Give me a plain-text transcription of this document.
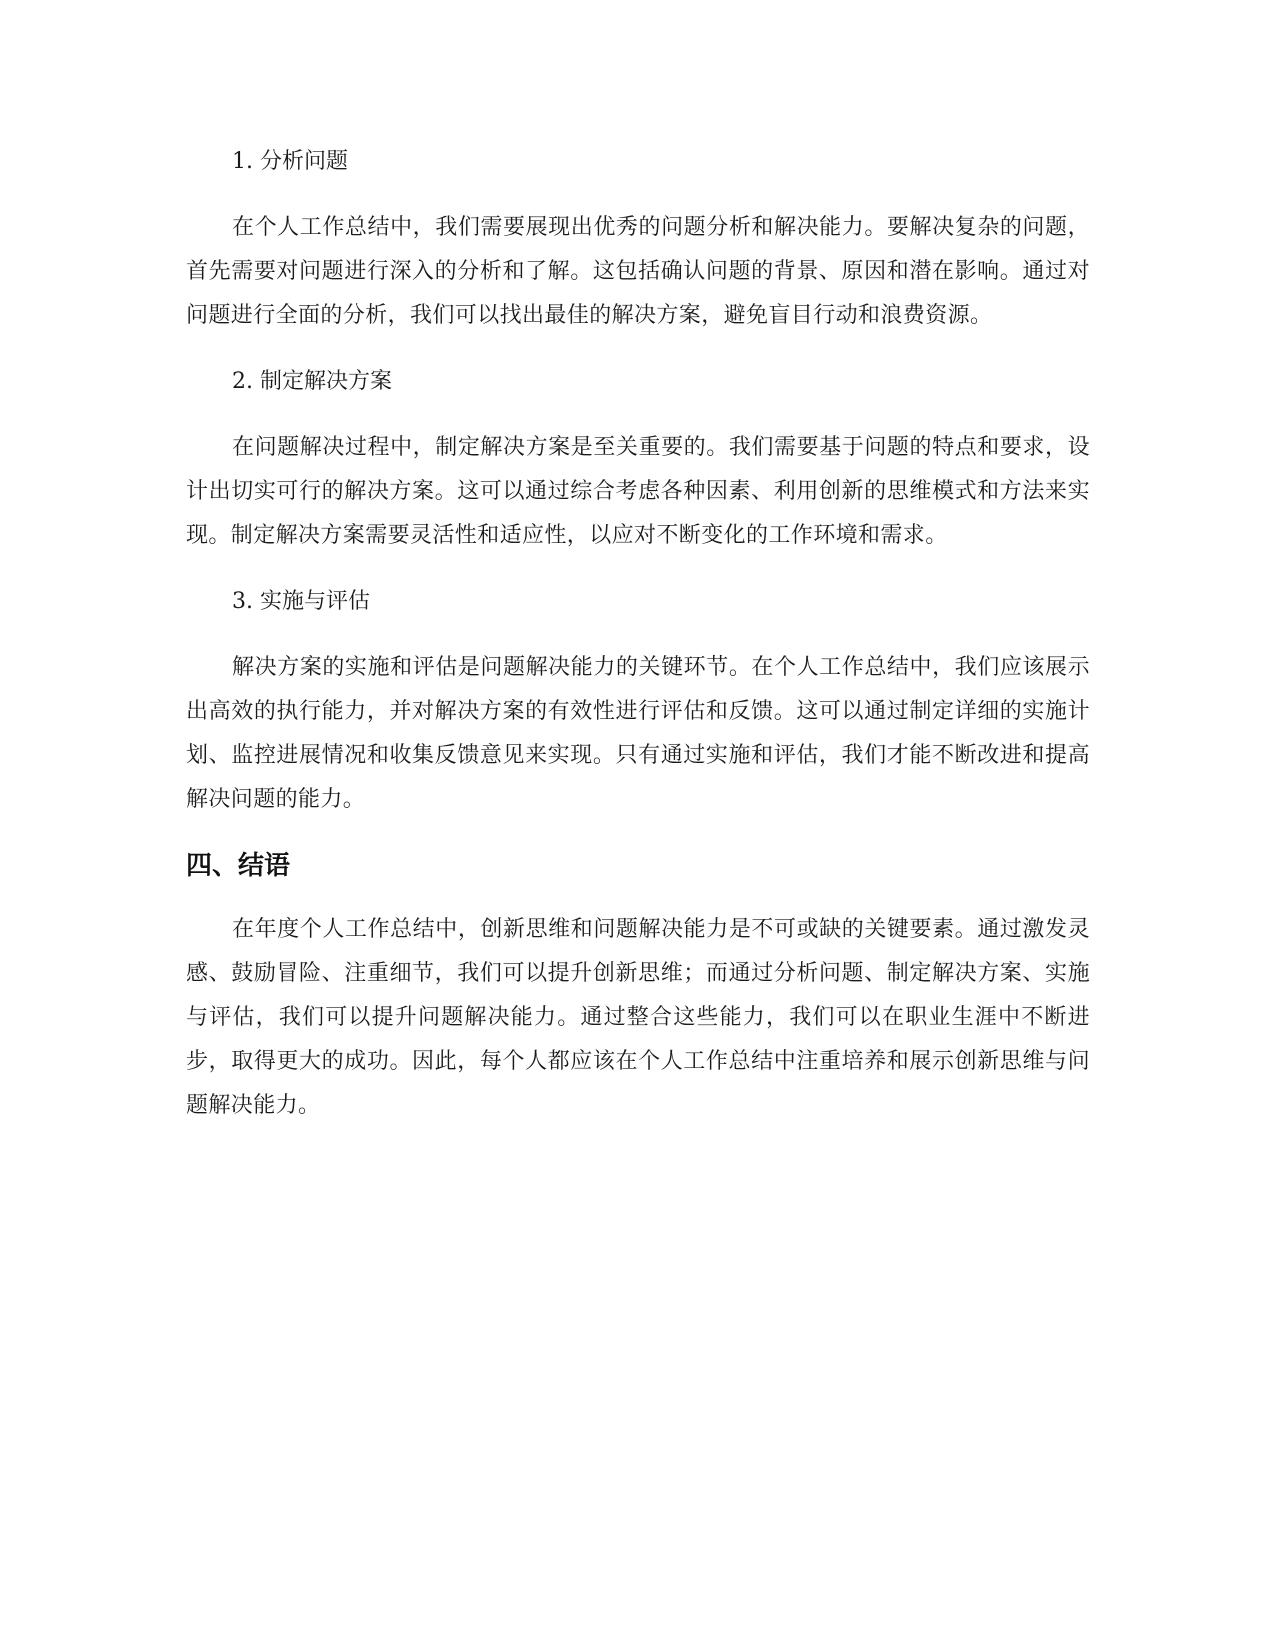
1. 分析问题

在个人工作总结中，我们需要展现出优秀的问题分析和解决能力。要解决复杂的问题，首先需要对问题进行深入的分析和了解。这包括确认问题的背景、原因和潜在影响。通过对问题进行全面的分析，我们可以找出最佳的解决方案，避免盲目行动和浪费资源。

2. 制定解决方案

在问题解决过程中，制定解决方案是至关重要的。我们需要基于问题的特点和要求，设计出切实可行的解决方案。这可以通过综合考虑各种因素、利用创新的思维模式和方法来实现。制定解决方案需要灵活性和适应性，以应对不断变化的工作环境和需求。

3. 实施与评估

解决方案的实施和评估是问题解决能力的关键环节。在个人工作总结中，我们应该展示出高效的执行能力，并对解决方案的有效性进行评估和反馈。这可以通过制定详细的实施计划、监控进展情况和收集反馈意见来实现。只有通过实施和评估，我们才能不断改进和提高解决问题的能力。

四、结语

在年度个人工作总结中，创新思维和问题解决能力是不可或缺的关键要素。通过激发灵感、鼓励冒险、注重细节，我们可以提升创新思维；而通过分析问题、制定解决方案、实施与评估，我们可以提升问题解决能力。通过整合这些能力，我们可以在职业生涯中不断进步，取得更大的成功。因此，每个人都应该在个人工作总结中注重培养和展示创新思维与问题解决能力。
